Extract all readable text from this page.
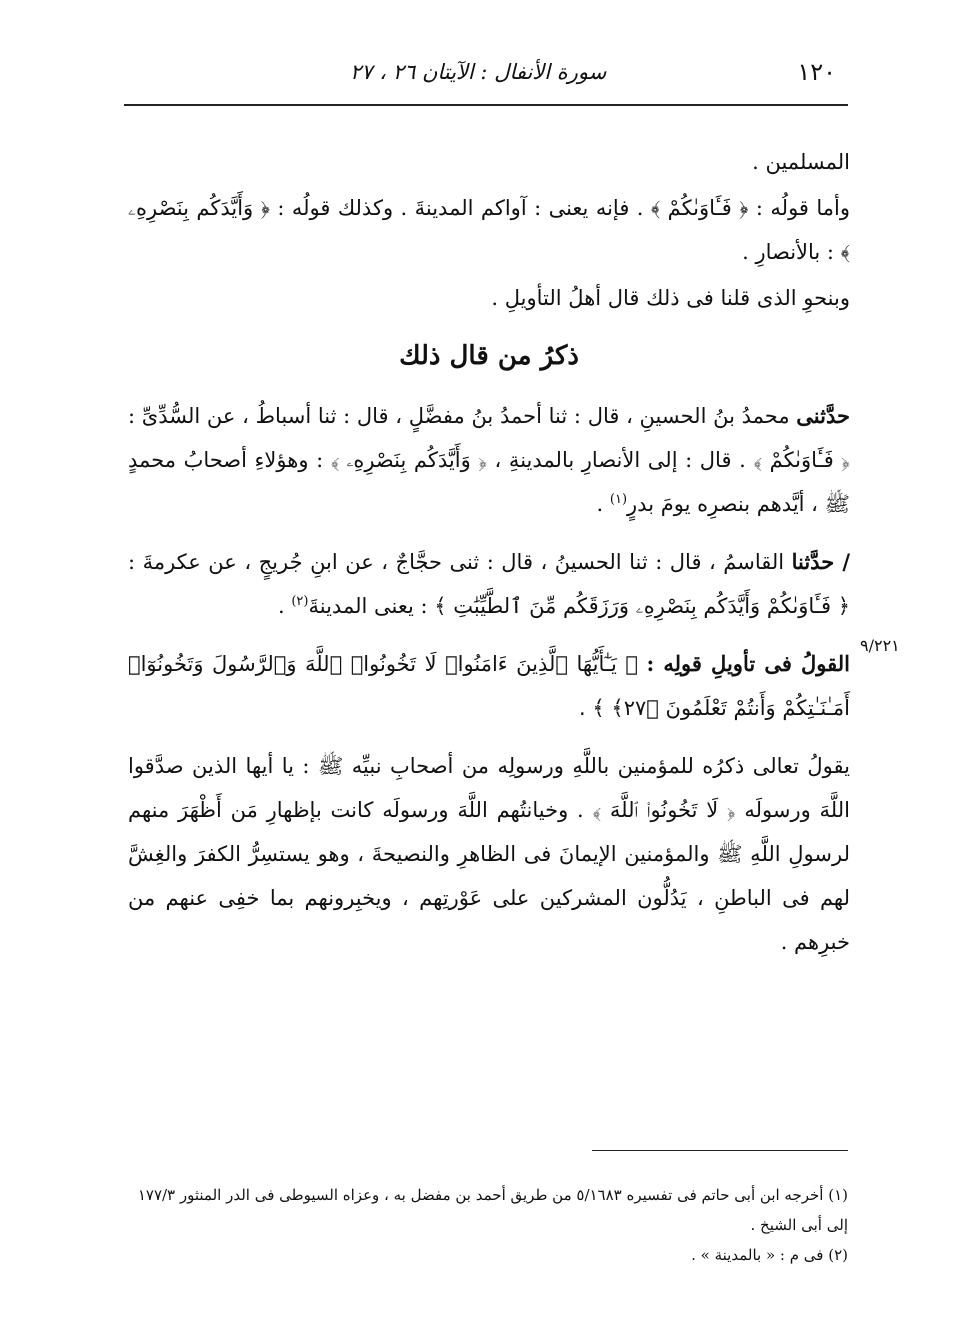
١٢٠
سورة الأنفال : الآيتان ٢٦ ، ٢٧
٩/٢٢١

المسلمين .

وأما قولُه : ﴿ فَـَٔاوَىٰكُمْ ﴾ . فإنه يعنى : آواكم المدينةَ . وكذلك قولُه : ﴿ وَأَيَّدَكُم بِنَصْرِهِۦ ﴾ : بالأنصارِ .

وبنحوِ الذى قلنا فى ذلك قال أهلُ التأويلِ .

ذكرُ من قال ذلك

حدَّثنى محمدُ بنُ الحسينِ ، قال : ثنا أحمدُ بنُ مفضَّلٍ ، قال : ثنا أسباطُ ، عن السُّدِّىِّ : ﴿ فَـَٔاوَىٰكُمْ ﴾ . قال : إلى الأنصارِ بالمدينةِ ، ﴿ وَأَيَّدَكُم بِنَصْرِهِۦ ﴾ : وهؤلاءِ أصحابُ محمدٍ ﷺ ، أيَّدهم بنصرِه يومَ بدرٍ$^{(١)}$ .

/ حدَّثنا القاسمُ ، قال : ثنا الحسينُ ، قال : ثنى حجَّاجٌ ، عن ابنِ جُريجٍ ، عن عكرمةَ : ﴿ فَـَٔاوَىٰكُمْ وَأَيَّدَكُم بِنَصْرِهِۦ وَرَزَقَكُم مِّنَ ٱلطَّيِّبَٰتِ ﴾ : يعنى المدينةَ$^{(٢)}$ .

القولُ فى تأويلِ قولِه : ﴿ يَـٰٓأَيُّهَا ٱلَّذِينَ ءَامَنُوا۟ لَا تَخُونُوا۟ ٱللَّهَ وَٱلرَّسُولَ وَتَخُونُوٓا۟ أَمَـٰنَـٰتِكُمْ وَأَنتُمْ تَعْلَمُونَ ﴿٢٧﴾ ﴾ .

يقولُ تعالى ذكرُه للمؤمنين باللَّهِ ورسولِه من أصحابِ نبيِّه ﷺ : يا أيها الذين صدَّقوا اللَّهَ ورسولَه ﴿ لَا تَخُونُوا۟ ٱللَّهَ ﴾ . وخيانتُهم اللَّهَ ورسولَه كانت بإظهارِ مَن أَظْهَرَ منهم لرسولِ اللَّهِ ﷺ والمؤمنين الإيمانَ فى الظاهرِ والنصيحةَ ، وهو يستسِرُّ الكفرَ والغِشَّ لهم فى الباطنِ ، يَدُلُّون المشركين على عَوْرتِهم ، ويخبِرونهم بما خفِى عنهم من خبرِهم .

(١) أخرجه ابن أبى حاتم فى تفسيره ٥/١٦٨٣ من طريق أحمد بن مفضل به ، وعزاه السيوطى فى الدر المنثور ١٧٧/٣ إلى أبى الشيخ .

(٢) فى م : « بالمدينة » .
